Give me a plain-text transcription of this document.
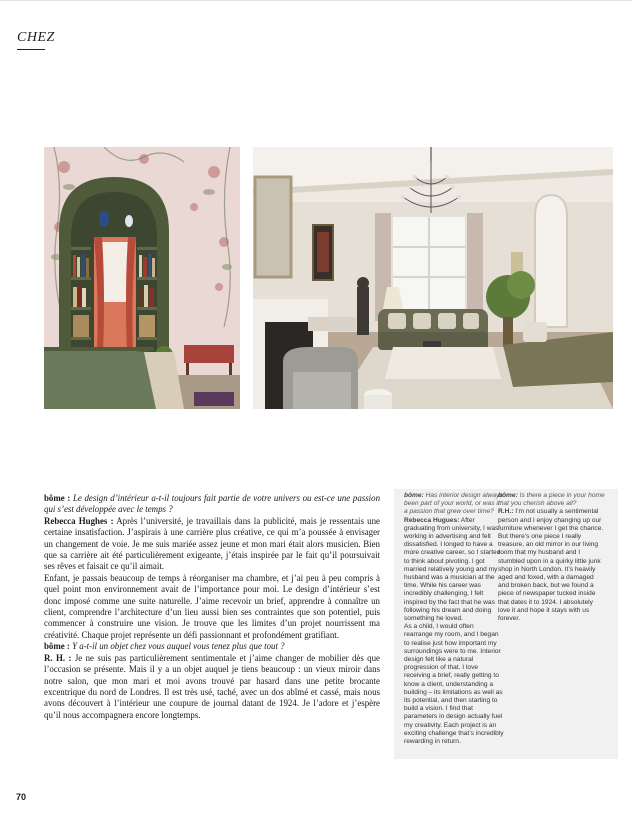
CHEZ

bôme : Le design d’intérieur a-t-il toujours fait partie de votre univers ou est-ce une passion qui s’est développée avec le temps ?

Rebecca Hughes : Après l’université, je travaillais dans la publicité, mais je ressentais une certaine insatisfaction. J’aspirais à une carrière plus créative, ce qui m’a poussée à envisager un changement de voie. Je me suis mariée assez jeune et mon mari était alors musicien. Bien que sa carrière ait été particulièrement exigeante, j’étais inspirée par le fait qu’il poursuivait ses rêves et faisait ce qu’il aimait.

Enfant, je passais beaucoup de temps à réorganiser ma chambre, et j’ai peu à peu compris à quel point mon environnement avait de l’importance pour moi. Le design d’intérieur s’est donc imposé comme une suite naturelle. J’aime recevoir un brief, apprendre à connaître un client, comprendre l’architecture d’un lieu aussi bien ses contraintes que son potentiel, puis commencer à construire une vision. Je trouve que les limites d’un projet nourrissent ma créativité. Chaque projet représente un défi passionnant et profondément gratifiant.

bôme : Y a-t-il un objet chez vous auquel vous tenez plus que tout ?

R. H. : Je ne suis pas particulièrement sentimentale et j’aime changer de mobilier dès que l’occasion se présente. Mais il y a un objet auquel je tiens beaucoup : un vieux miroir dans notre salon, que mon mari et moi avons trouvé par hasard dans une petite brocante excentrique du nord de Londres. Il est très usé, taché, avec un dos abîmé et cassé, mais nous avons découvert à l’intérieur une coupure de journal datant de 1924. Je l’adore et j’espère qu’il nous accompagnera encore longtemps.

bôme: Has interior design always been part of your world, or was it a passion that grew over time?

Rebecca Hugues: After graduating from university, I was working in advertising and felt dissatisfied. I longed to have a more creative career, so I started to think about pivoting. I got married relatively young and my husband was a musician at the time. While his career was incredibly challenging, I felt inspired by the fact that he was following his dream and doing something he loved.

As a child, I would often rearrange my room, and I began to realise just how important my surroundings were to me. Interior design felt like a natural progression of that. I love receiving a brief, really getting to know a client, understanding a building – its limitations as well as its potential, and then starting to build a vision. I find that parameters in design actually fuel my creativity. Each project is an exciting challenge that’s incredibly rewarding in return.

bôme: Is there a piece in your home that you cherish above all?

R.H.: I’m not usually a sentimental person and I enjoy changing up our furniture whenever I get the chance. But there’s one piece I really treasure, an old mirror in our living room that my husband and I stumbled upon in a quirky little junk shop in North London. It’s heavily aged and foxed, with a damaged and broken back, but we found a piece of newspaper tucked inside that dates it to 1924. I absolutely love it and hope it stays with us forever.

70
